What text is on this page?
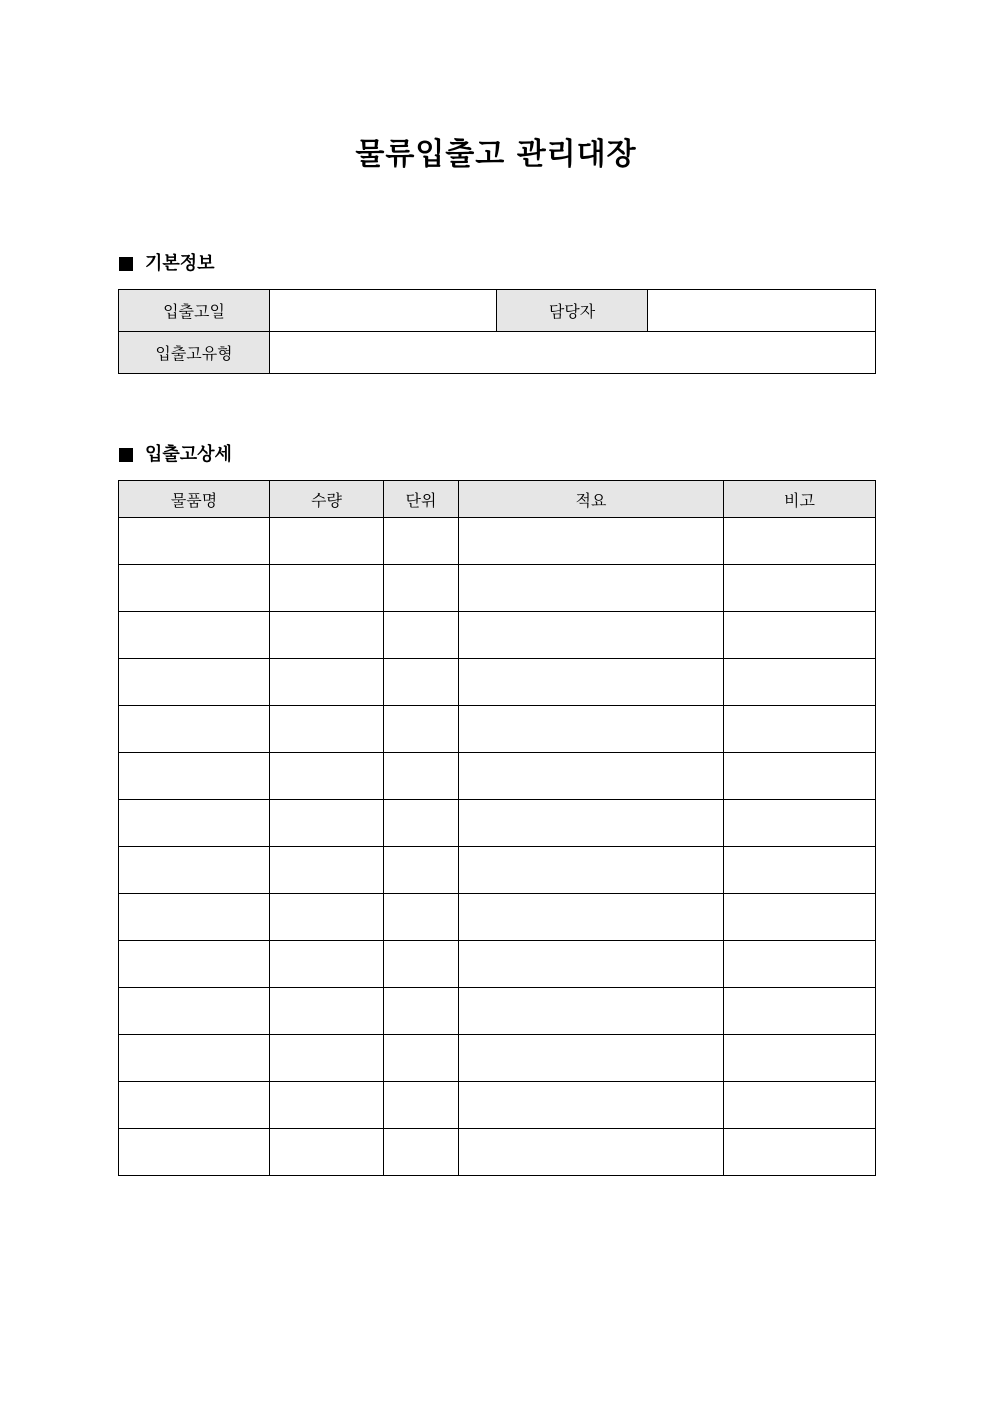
물류입출고 관리대장
기본정보
입출고일		담당자	
입출고유형			
입출고상세
물품명	수량	단위	적요	비고
